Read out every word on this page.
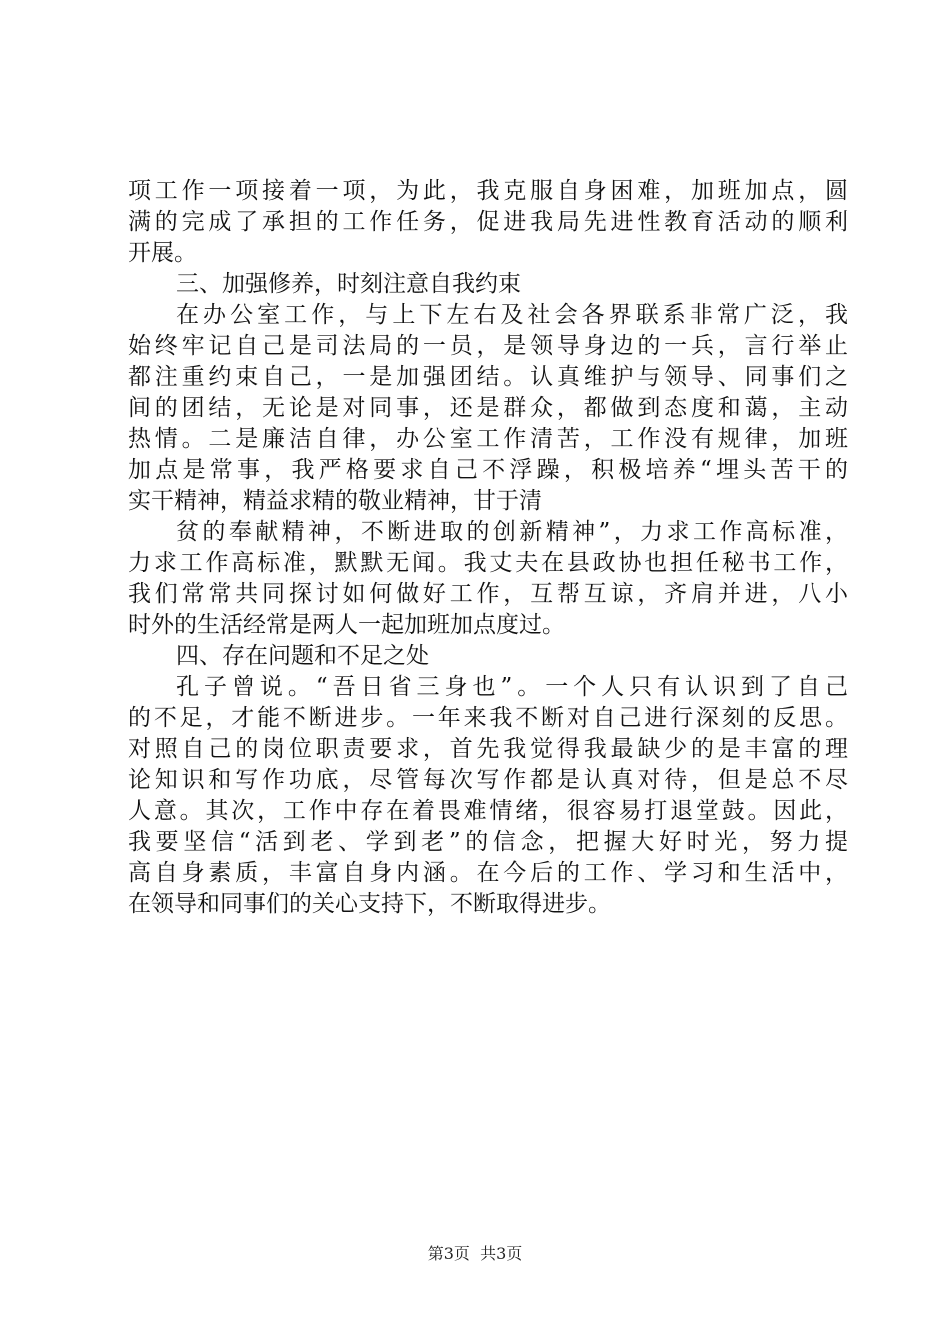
项工作一项接着一项，为此，我克服自身困难，加班加点，圆
满的完成了承担的工作任务，促进我局先进性教育活动的顺利
开展。
三、加强修养，时刻注意自我约束
在办公室工作，与上下左右及社会各界联系非常广泛，我
始终牢记自己是司法局的一员，是领导身边的一兵，言行举止
都注重约束自己，一是加强团结。认真维护与领导、同事们之
间的团结，无论是对同事，还是群众，都做到态度和蔼，主动
热情。二是廉洁自律，办公室工作清苦，工作没有规律，加班
加点是常事，我严格要求自己不浮躁，积极培养“埋头苦干的
实干精神，精益求精的敬业精神，甘于清
贫的奉献精神，不断进取的创新精神”，力求工作高标准，
力求工作高标准，默默无闻。我丈夫在县政协也担任秘书工作，
我们常常共同探讨如何做好工作，互帮互谅，齐肩并进，八小
时外的生活经常是两人一起加班加点度过。
四、存在问题和不足之处
孔子曾说。“吾日省三身也”。一个人只有认识到了自己
的不足，才能不断进步。一年来我不断对自己进行深刻的反思。
对照自己的岗位职责要求，首先我觉得我最缺少的是丰富的理
论知识和写作功底，尽管每次写作都是认真对待，但是总不尽
人意。其次，工作中存在着畏难情绪，很容易打退堂鼓。因此，
我要坚信“活到老、学到老”的信念，把握大好时光，努力提
高自身素质，丰富自身内涵。在今后的工作、学习和生活中，
在领导和同事们的关心支持下，不断取得进步。
第3页  共3页
